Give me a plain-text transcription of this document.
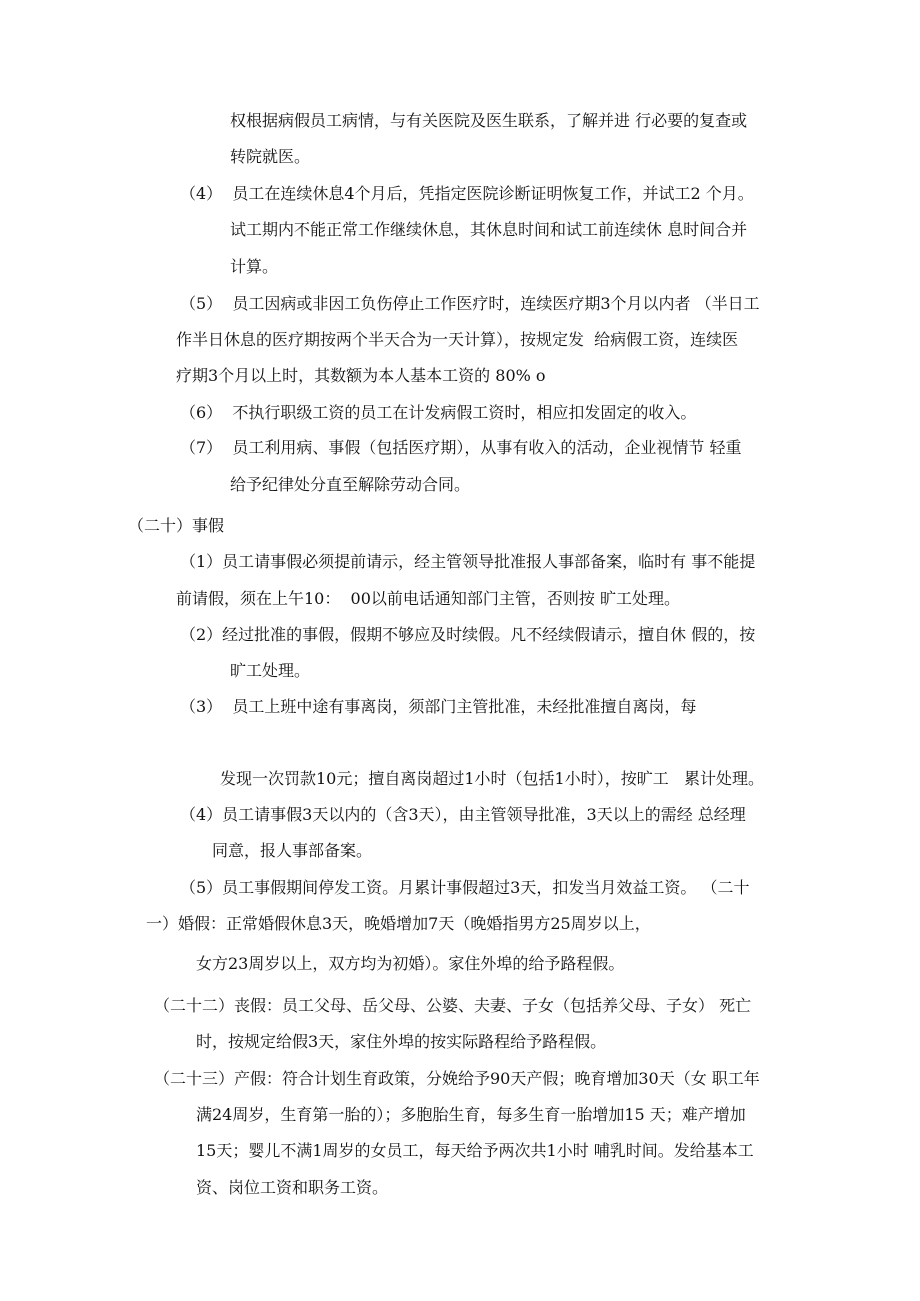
权根据病假员工病情，与有关医院及医生联系，了解并进 行必要的复查或
转院就医。
（4）  员工在连续休息4个月后，凭指定医院诊断证明恢复工作，并试工2 个月。
试工期内不能正常工作继续休息，其休息时间和试工前连续休 息时间合并
计算。
（5）  员工因病或非因工负伤停止工作医疗时，连续医疗期3个月以内者 （半日工
作半日休息的医疗期按两个半天合为一天计算），按规定发  给病假工资，连续医
疗期3个月以上时，其数额为本人基本工资的 80% o
（6）  不执行职级工资的员工在计发病假工资时，相应扣发固定的收入。
（7）  员工利用病、事假（包括医疗期），从事有收入的活动，企业视情节 轻重
给予纪律处分直至解除劳动合同。
（二十）事假
（1）员工请事假必须提前请示，经主管领导批准报人事部备案，临时有 事不能提
前请假，须在上午10：  00以前电话通知部门主管，否则按 旷工处理。
（2）经过批准的事假，假期不够应及时续假。凡不经续假请示，擅自休 假的，按
旷工处理。
（3）  员工上班中途有事离岗，须部门主管批准，未经批准擅自离岗，每
发现一次罚款10元；擅自离岗超过1小时（包括1小时），按旷工   累计处理。
（4）员工请事假3天以内的（含3天），由主管领导批准，3天以上的需经 总经理
同意，报人事部备案。
（5）员工事假期间停发工资。月累计事假超过3天，扣发当月效益工资。 （二十
一）婚假：正常婚假休息3天，晚婚增加7天（晚婚指男方25周岁以上，
女方23周岁以上，双方均为初婚）。家住外埠的给予路程假。
（二十二）丧假：员工父母、岳父母、公婆、夫妻、子女（包括养父母、子女） 死亡
时，按规定给假3天，家住外埠的按实际路程给予路程假。
（二十三）产假：符合计划生育政策，分娩给予90天产假；晚育增加30天（女 职工年
满24周岁，生育第一胎的）；多胞胎生育，每多生育一胎增加15 天；难产增加
15天；婴儿不满1周岁的女员工，每天给予两次共1小时 哺乳时间。发给基本工
资、岗位工资和职务工资。
